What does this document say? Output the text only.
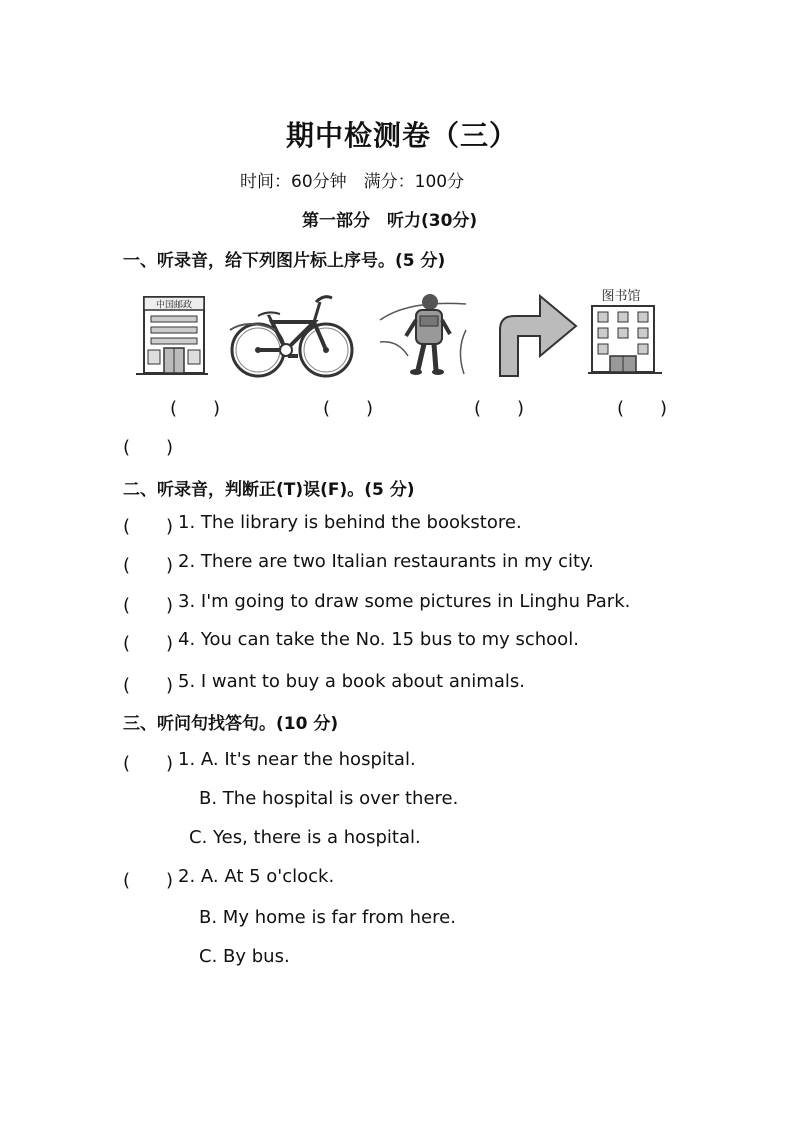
期中检测卷（三）
时间：60分钟　满分：100分
第一部分　听力(30分)
一、听录音，给下列图片标上序号。(5 分)
中国邮政
图书馆
(　　)	(　　)	(　　)	(　　)
(　　)
二、听录音，判断正(T)误(F)。(5 分)
(　　) 1. The library is behind the bookstore.
(　　) 2. There are two Italian restaurants in my city.
(　　) 3. I'm going to draw some pictures in Linghu Park.
(　　) 4. You can take the No. 15 bus to my school.
(　　) 5. I want to buy a book about animals.
三、听问句找答句。(10 分)
(　　) 1. A. It's near the hospital.
B. The hospital is over there.
C. Yes, there is a hospital.
(　　) 2. A. At 5 o'clock.
B. My home is far from here.
C. By bus.
